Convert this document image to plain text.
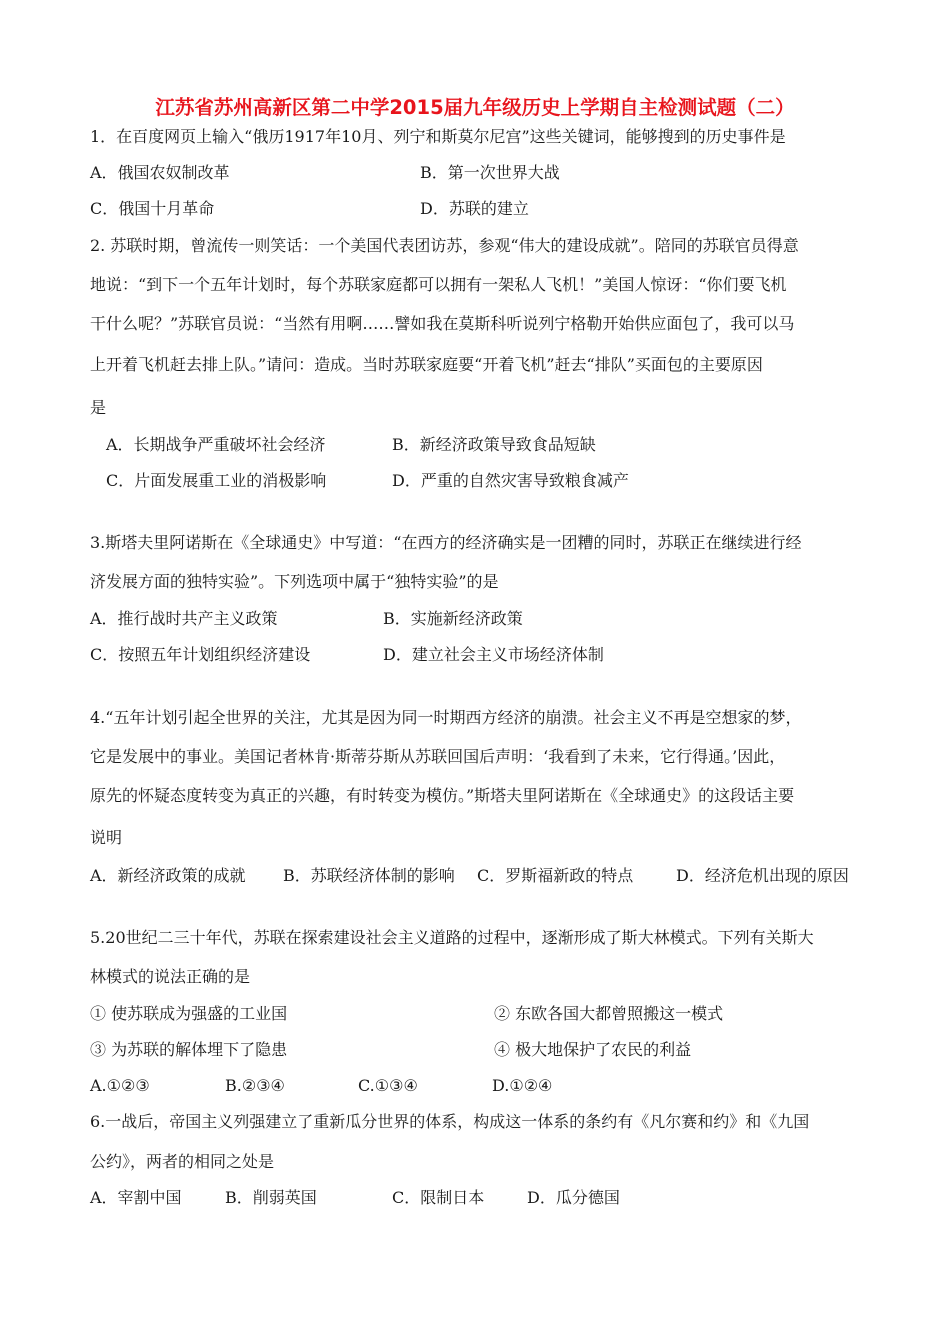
江苏省苏州高新区第二中学2015届九年级历史上学期自主检测试题（二）
1．在百度网页上输入“俄历1917年10月、列宁和斯莫尔尼宫”这些关键词，能够搜到的历史事件是
A．俄国农奴制改革	B．第一次世界大战
C．俄国十月革命	D．苏联的建立
2. 苏联时期，曾流传一则笑话：一个美国代表团访苏，参观“伟大的建设成就”。陪同的苏联官员得意
地说：“到下一个五年计划时，每个苏联家庭都可以拥有一架私人飞机！”美国人惊讶：“你们要飞机
干什么呢？”苏联官员说：“当然有用啊……譬如我在莫斯科听说列宁格勒开始供应面包了，我可以马
上开着飞机赶去排上队。”请问：造成。当时苏联家庭要“开着飞机”赶去“排队”买面包的主要原因
是
A．长期战争严重破坏社会经济	B．新经济政策导致食品短缺
C．片面发展重工业的消极影响	D．严重的自然灾害导致粮食减产
3.斯塔夫里阿诺斯在《全球通史》中写道：“在西方的经济确实是一团糟的同时，苏联正在继续进行经
济发展方面的独特实验”。下列选项中属于“独特实验”的是
A．推行战时共产主义政策	B．实施新经济政策
C．按照五年计划组织经济建设	D．建立社会主义市场经济体制
4.“五年计划引起全世界的关注，尤其是因为同一时期西方经济的崩溃。社会主义不再是空想家的梦，
它是发展中的事业。美国记者林肯·斯蒂芬斯从苏联回国后声明：‘我看到了未来，它行得通。’因此，
原先的怀疑态度转变为真正的兴趣，有时转变为模仿。”斯塔夫里阿诺斯在《全球通史》的这段话主要
说明
A．新经济政策的成就 B．苏联经济体制的影响 C．罗斯福新政的特点	D．经济危机出现的原因
5.20世纪二三十年代，苏联在探索建设社会主义道路的过程中，逐渐形成了斯大林模式。下列有关斯大
林模式的说法正确的是
① 使苏联成为强盛的工业国	② 东欧各国大都曾照搬这一模式
③ 为苏联的解体埋下了隐患	④ 极大地保护了农民的利益
A.①②③	B.②③④	C.①③④	D.①②④
6.一战后，帝国主义列强建立了重新瓜分世界的体系，构成这一体系的条约有《凡尔赛和约》和《九国
公约》，两者的相同之处是
A．宰割中国	B．削弱英国	C．限制日本	D．瓜分德国
